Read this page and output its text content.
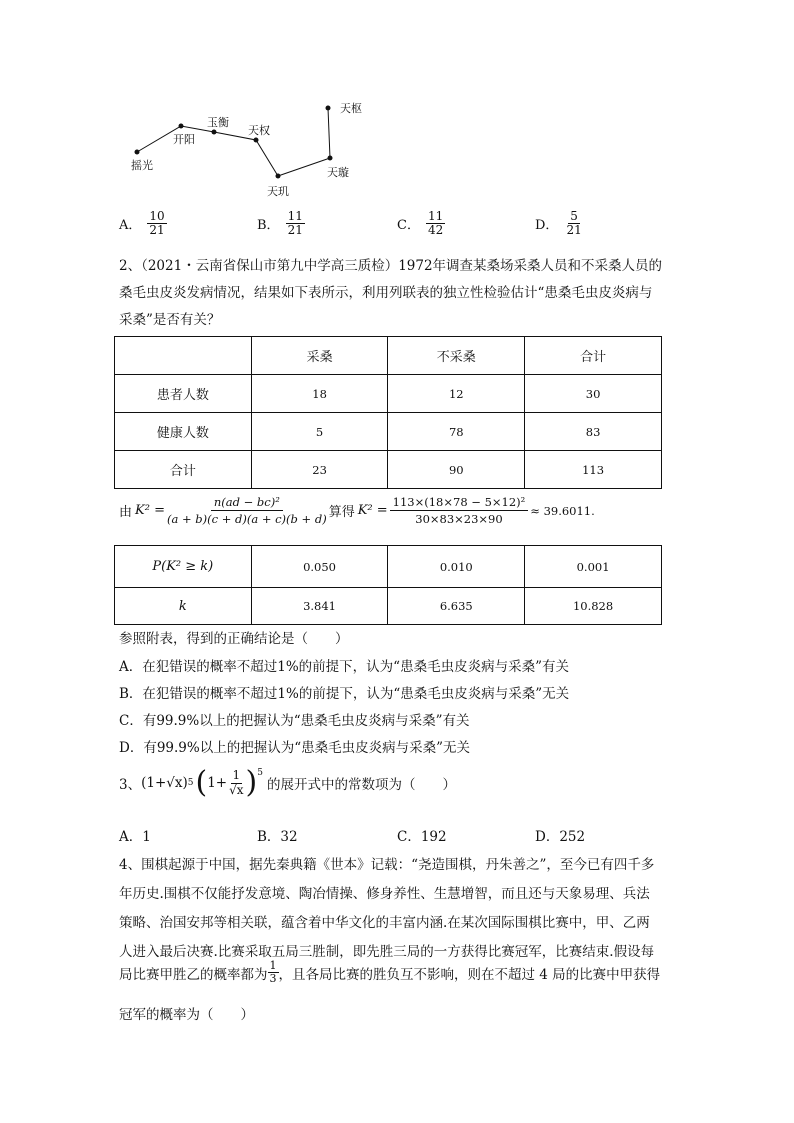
摇光
开阳
玉衡
天权
天玑
天璇
天枢
A． $\frac{10}{21}$	B． $\frac{11}{21}$	C． $\frac{11}{42}$	D． $\frac{5}{21}$
2、（2021・云南省保山市第九中学高三质检）1972年调查某桑场采桑人员和不采桑人员的
桑毛虫皮炎发病情况，结果如下表所示，利用列联表的独立性检验估计“患桑毛虫皮炎病与
采桑”是否有关？
	采桑	不采桑	合计
患者人数	18	12	30
健康人数	5	78	83
合计	23	90	113
由 $K^2 = \frac{\text{n(ad − bc)²}}{(a + b)(c + d)(a + c)(b + d)}$ 算得 $K^2 = \frac{\text{113×(18×78 − 5×12)²}}{30\times 83\times 23\times 90} \approx 39.6011$.
P(K² ≥ k)	0.050	0.010	0.001
k	3.841	6.635	10.828
参照附表，得到的正确结论是（　　）
A．在犯错误的概率不超过1%的前提下，认为“患桑毛虫皮炎病与采桑”有关
B．在犯错误的概率不超过1%的前提下，认为“患桑毛虫皮炎病与采桑”无关
C．有99.9%以上的把握认为“患桑毛虫皮炎病与采桑”有关
D．有99.9%以上的把握认为“患桑毛虫皮炎病与采桑”无关
3、 (1+√x) 5 ( $1+ \frac{1}{√x} )^5$
的展开式中的常数项为（　　）
A．1	B．32	C．192	D．252
4、围棋起源于中国，据先秦典籍《世本》记载：“尧造围棋，丹朱善之”，至今已有四千多
年历史.围棋不仅能抒发意境、陶冶情操、修身养性、生慧增智，而且还与天象易理、兵法
策略、治国安邦等相关联，蕴含着中华文化的丰富内涵.在某次国际围棋比赛中，甲、乙两
人进入最后决赛.比赛采取五局三胜制，即先胜三局的一方获得比赛冠军，比赛结束.假设每
局比赛甲胜乙的概率都为 $\frac{1}{3}$ ，且各局比赛的胜负互不影响，则在不超过 4 局的比赛中甲获得
冠军的概率为（　　）
